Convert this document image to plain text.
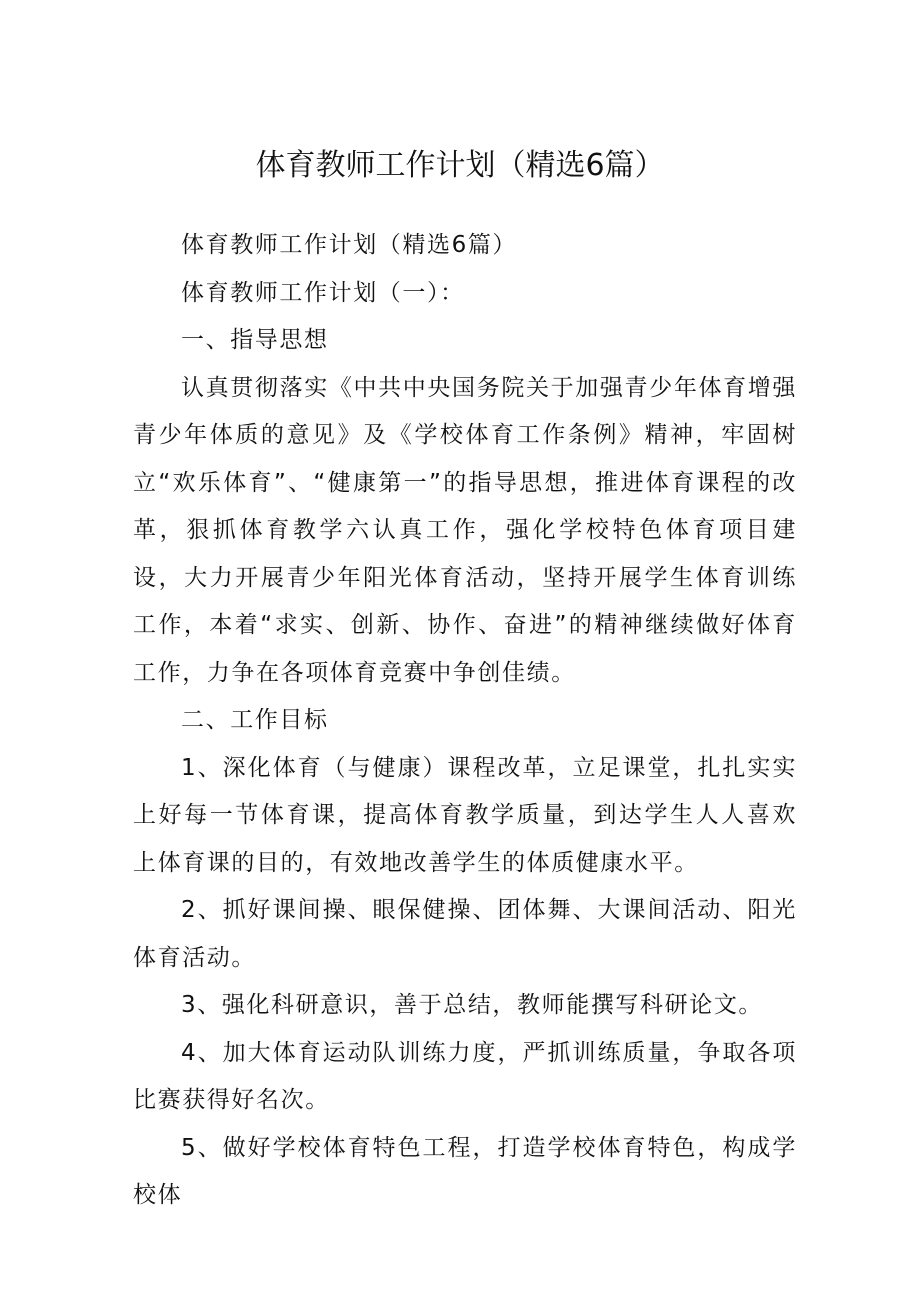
体育教师工作计划（精选6篇）

体育教师工作计划（精选6篇）

体育教师工作计划（一）：

一、指导思想

认真贯彻落实《中共中央国务院关于加强青少年体育增强青少年体质的意见》及《学校体育工作条例》精神，牢固树立“欢乐体育”、“健康第一”的指导思想，推进体育课程的改革，狠抓体育教学六认真工作，强化学校特色体育项目建设，大力开展青少年阳光体育活动，坚持开展学生体育训练工作，本着“求实、创新、协作、奋进”的精神继续做好体育工作，力争在各项体育竞赛中争创佳绩。

二、工作目标

1、深化体育（与健康）课程改革，立足课堂，扎扎实实上好每一节体育课，提高体育教学质量，到达学生人人喜欢上体育课的目的，有效地改善学生的体质健康水平。

2、抓好课间操、眼保健操、团体舞、大课间活动、阳光体育活动。

3、强化科研意识，善于总结，教师能撰写科研论文。

4、加大体育运动队训练力度，严抓训练质量，争取各项比赛获得好名次。

5、做好学校体育特色工程，打造学校体育特色，构成学校体
